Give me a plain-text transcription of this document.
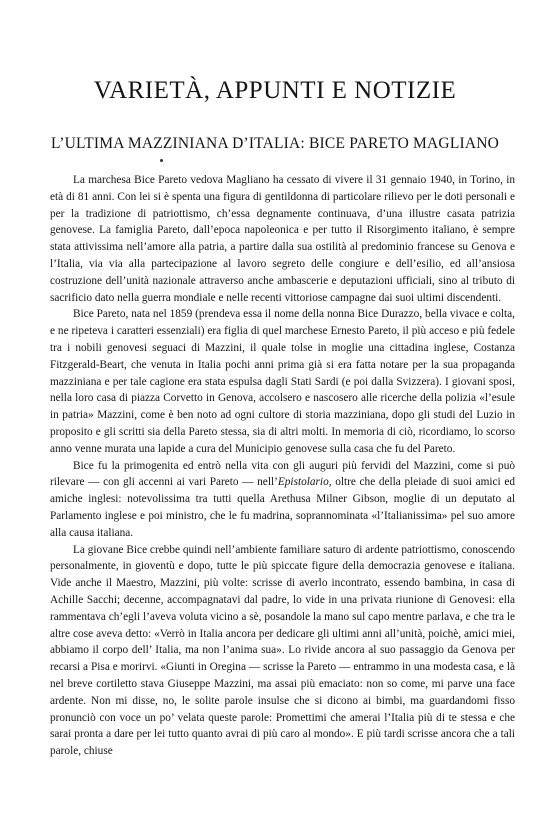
VARIETÀ, APPUNTI E NOTIZIE
L’ULTIMA MAZZINIANA D’ITALIA: BICE PARETO MAGLIANO

La marchesa Bice Pareto vedova Magliano ha cessato di vivere il 31 gennaio 1940, in Torino, in età di 81 anni. Con lei si è spenta una figura di gentildonna di particolare rilievo per le doti personali e per la tradizione di patriottismo, ch’essa degnamente continuava, d’una illustre casata patrizia genovese. La famiglia Pareto, dall’epoca napoleonica e per tutto il Risorgimento italiano, è sempre stata attivissima nell’amore alla patria, a partire dalla sua ostilità al predominio francese su Genova e l’Italia, via via alla partecipazione al lavoro segreto delle congiure e dell’esilio, ed all’ansiosa costruzione dell’unità nazionale attraverso anche ambascerie e deputazioni ufficiali, sino al tributo di sacrificio dato nella guerra mondiale e nelle recenti vittoriose campagne dai suoi ultimi discendenti.

Bice Pareto, nata nel 1859 (prendeva essa il nome della nonna Bice Durazzo, bella vivace e colta, e ne ripeteva i caratteri essenziali) era figlia di quel marchese Ernesto Pareto, il più acceso e più fedele tra i nobili genovesi seguaci di Mazzini, il quale tolse in moglie una cittadina inglese, Costanza Fitzgerald-Beart, che venuta in Italia pochi anni prima già si era fatta notare per la sua propaganda mazziniana e per tale cagione era stata espulsa dagli Stati Sardi (e poi dalla Svizzera). I giovani sposi, nella loro casa di piazza Corvetto in Genova, accolsero e nascosero alle ricerche della polizia «l’esule in patria» Mazzini, come è ben noto ad ogni cultore di storia mazziniana, dopo gli studi del Luzio in proposito e gli scritti sia della Pareto stessa, sia di altri molti. In memoria di ciò, ricordiamo, lo scorso anno venne murata una lapide a cura del Municipio genovese sulla casa che fu del Pareto.

Bice fu la primogenita ed entrò nella vita con gli auguri più fervidi del Mazzini, come si può rilevare — con gli accenni ai vari Pareto — nell’Epistolario, oltre che della pleiade di suoi amici ed amiche inglesi: notevolissima tra tutti quella Arethusa Milner Gibson, moglie di un deputato al Parlamento inglese e poi ministro, che le fu madrina, soprannominata «l’Italianissima» pel suo amore alla causa italiana.

La giovane Bice crebbe quindi nell’ambiente familiare saturo di ardente patriottismo, conoscendo personalmente, in gioventù e dopo, tutte le più spiccate figure della democrazia genovese e italiana. Vide anche il Maestro, Mazzini, più volte: scrisse di averlo incontrato, essendo bambina, in casa di Achille Sacchi; decenne, accompagnatavi dal padre, lo vide in una privata riunione di Genovesi: ella rammentava ch’egli l’aveva voluta vicino a sè, posandole la mano sul capo mentre parlava, e che tra le altre cose aveva detto: «Verrò in Italia ancora per dedicare gli ultimi anni all’unità, poichè, amici miei, abbiamo il corpo dell’ Italia, ma non l’anima sua». Lo rivide ancora al suo passaggio da Genova per recarsi a Pisa e morirvi. «Giunti in Oregina — scrisse la Pareto — entrammo in una modesta casa, e là nel breve cortiletto stava Giuseppe Mazzini, ma assai più emaciato: non so come, mi parve una face ardente. Non mi disse, no, le solite parole insulse che si dicono ai bimbi, ma guardandomi fisso pronunciò con voce un po’ velata queste parole: Promettimi che amerai l’Italia più di te stessa e che sarai pronta a dare per lei tutto quanto avrai di più caro al mondo». E più tardi scrisse ancora che a tali parole, chiuse
